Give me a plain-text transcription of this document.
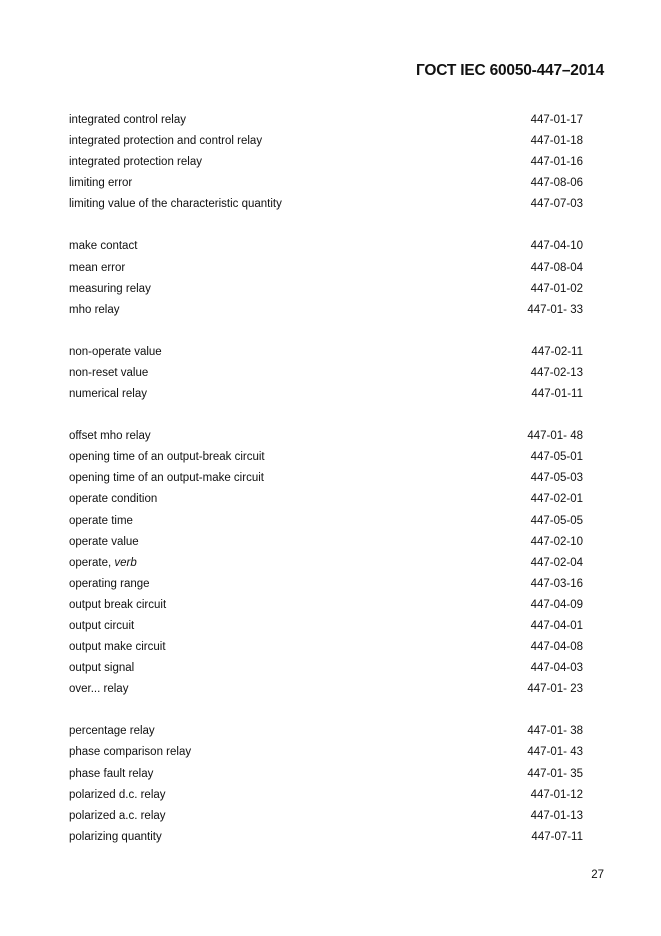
ГОСТ IEC 60050-447–2014
integrated control relay	447-01-17
integrated protection and control relay	447-01-18
integrated protection relay	447-01-16
limiting error	447-08-06
limiting value of the characteristic quantity	447-07-03
make contact	447-04-10
mean error	447-08-04
measuring relay	447-01-02
mho relay	447-01- 33
non-operate value	447-02-11
non-reset value	447-02-13
numerical relay	447-01-11
offset mho relay	447-01- 48
opening time of an output-break circuit	447-05-01
opening time of an output-make circuit	447-05-03
operate condition	447-02-01
operate time	447-05-05
operate value	447-02-10
operate, verb	447-02-04
operating range	447-03-16
output break circuit	447-04-09
output circuit	447-04-01
output make circuit	447-04-08
output signal	447-04-03
over... relay	447-01- 23
percentage relay	447-01- 38
phase comparison relay	447-01- 43
phase fault relay	447-01- 35
polarized d.c. relay	447-01-12
polarized a.c. relay	447-01-13
polarizing quantity	447-07-11
27
